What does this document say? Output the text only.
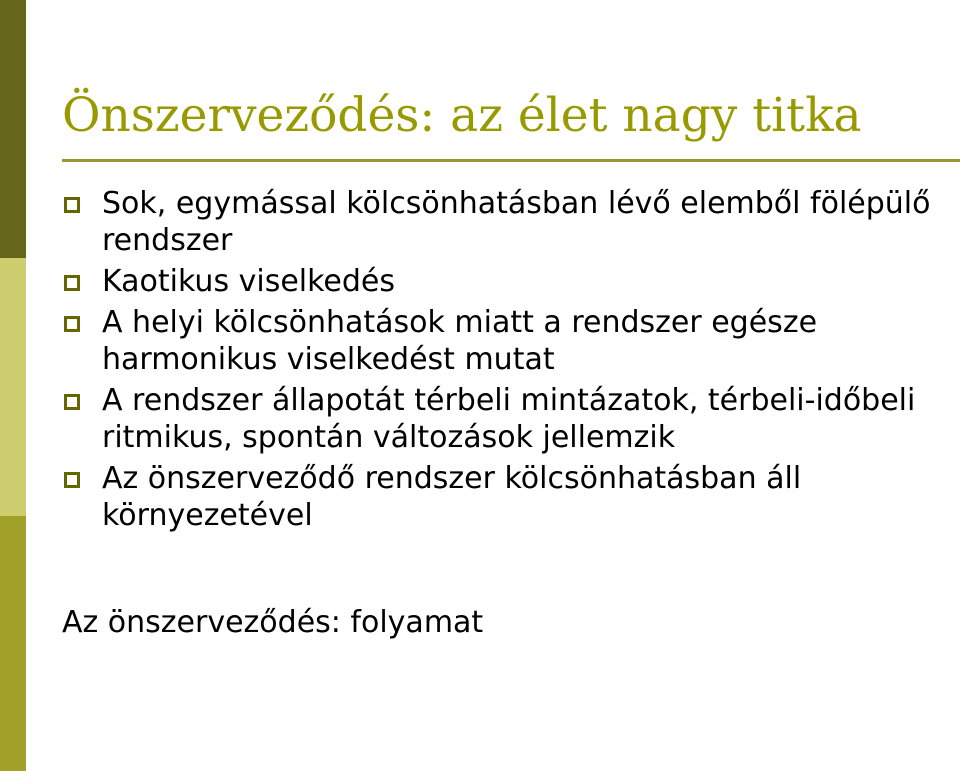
Önszerveződés: az élet nagy titka
Sok, egymással kölcsönhatásban lévő elemből fölépülő rendszer
Kaotikus viselkedés
A helyi kölcsönhatások miatt a rendszer egésze harmonikus viselkedést mutat
A rendszer állapotát térbeli mintázatok, térbeli-időbeli ritmikus, spontán változások jellemzik
Az önszerveződő rendszer kölcsönhatásban áll környezetével

Az önszerveződés: folyamat
